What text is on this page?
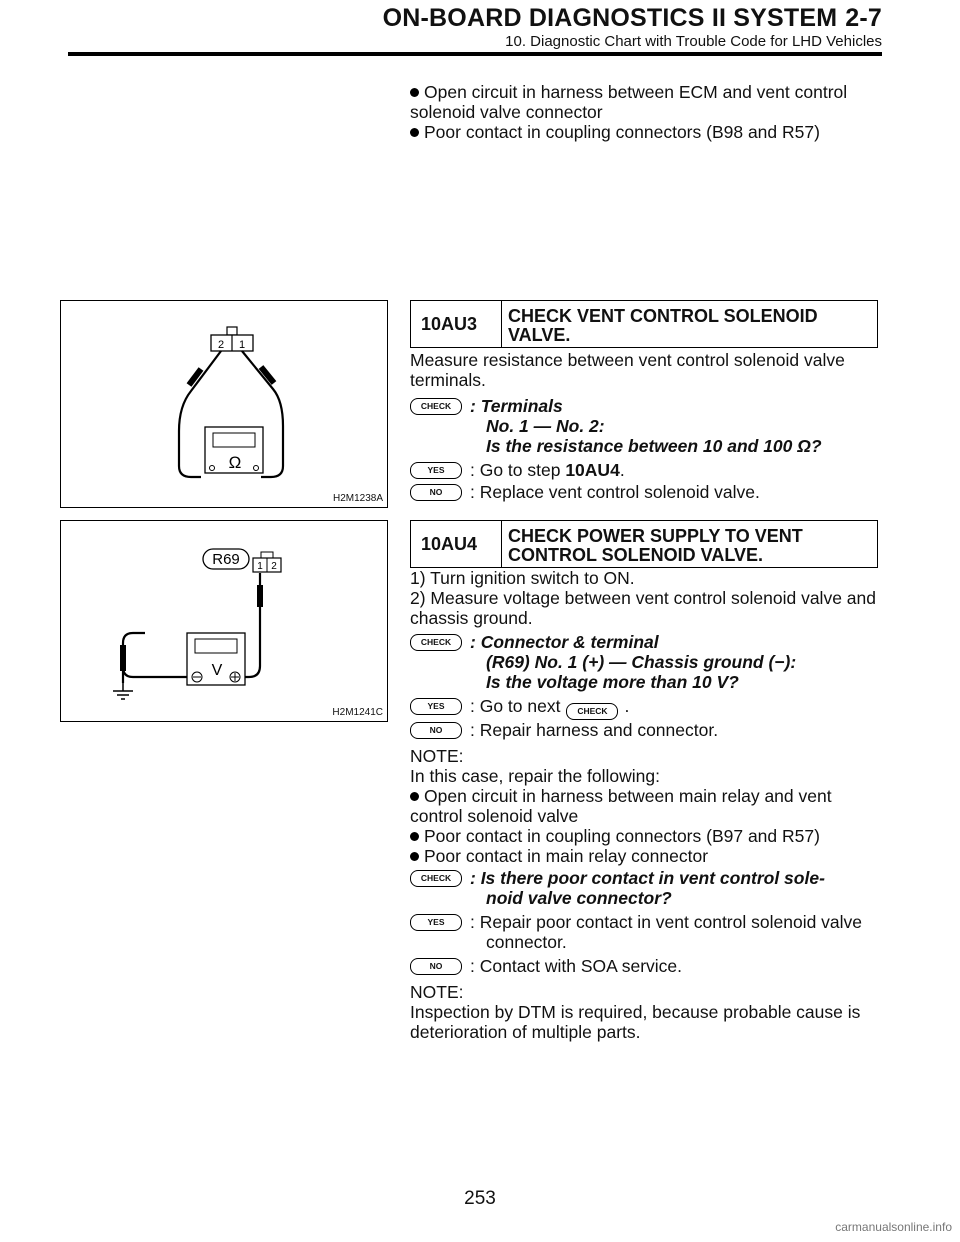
ON-BOARD DIAGNOSTICS II SYSTEM 2-7
10. Diagnostic Chart with Trouble Code for LHD Vehicles

Open circuit in harness between ECM and vent control solenoid valve connector

Poor contact in coupling connectors (B98 and R57)

2 1
Ω
H2M1238A
R69 1 2
V
H2M1241C
10AU3	CHECK VENT CONTROL SOLENOID VALVE.
Measure resistance between vent control solenoid valve terminals.
CHECK	: Terminals
No. 1 — No. 2:
Is the resistance between 10 and 100 Ω?
YES	: Go to step 10AU4.
NO	: Replace vent control solenoid valve.
10AU4	CHECK POWER SUPPLY TO VENT CONTROL SOLENOID VALVE.

1) Turn ignition switch to ON.

2) Measure voltage between vent control solenoid valve and chassis ground.

CHECK	: Connector & terminal
(R69) No. 1 (+) — Chassis ground (−):
Is the voltage more than 10 V?
YES	: Go to next CHECK .
NO	: Repair harness and connector.

NOTE:

In this case, repair the following:

Open circuit in harness between main relay and vent control solenoid valve

Poor contact in coupling connectors (B97 and R57)

Poor contact in main relay connector

CHECK	: Is there poor contact in vent control sole-
noid valve connector?
YES	: Repair poor contact in vent control solenoid valve
connector.
NO	: Contact with SOA service.

NOTE:

Inspection by DTM is required, because probable cause is deterioration of multiple parts.

253
carmanualsonline.info
